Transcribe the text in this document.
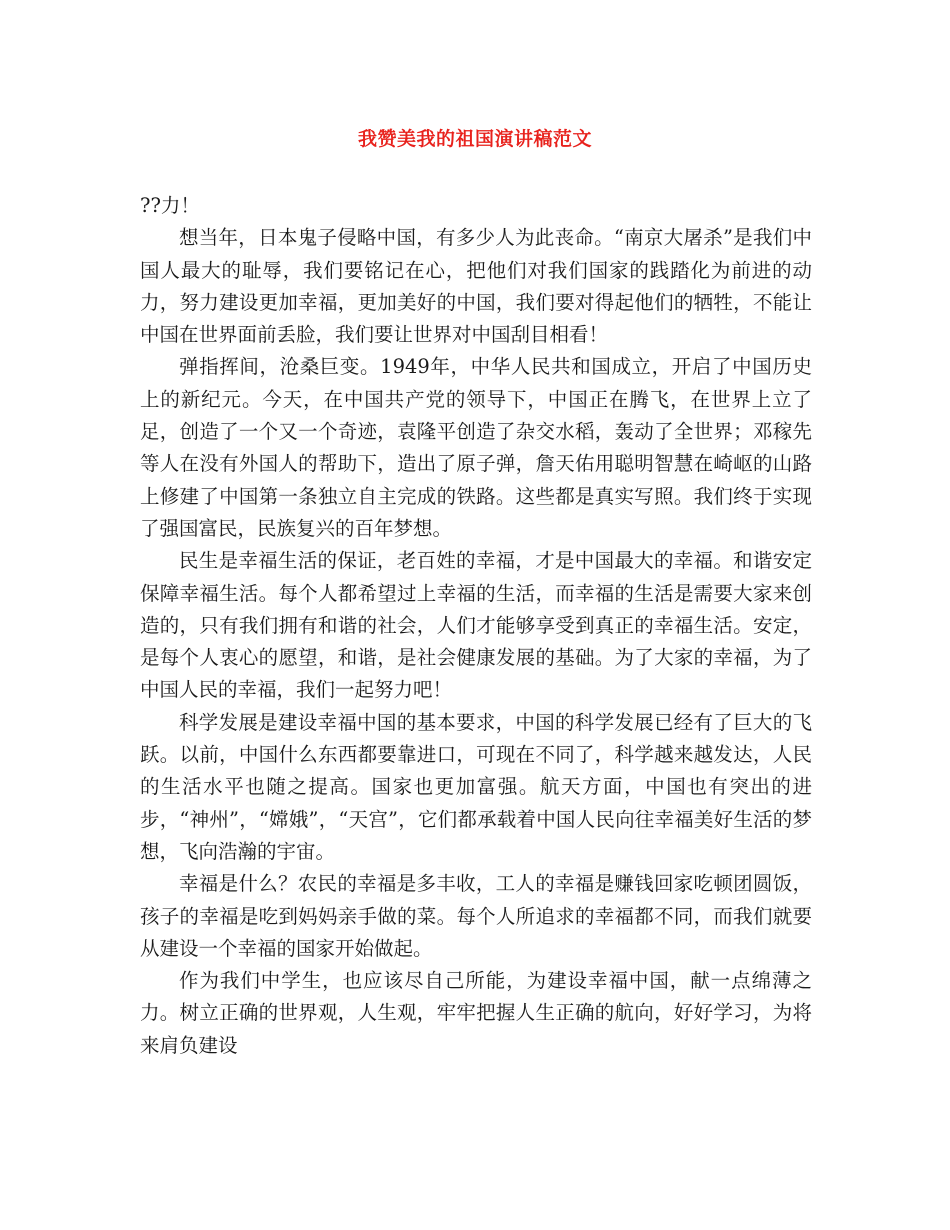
我赞美我的祖国演讲稿范文

??力！

想当年，日本鬼子侵略中国，有多少人为此丧命。“南京大屠杀”是我们中国人最大的耻辱，我们要铭记在心，把他们对我们国家的践踏化为前进的动力，努力建设更加幸福，更加美好的中国，我们要对得起他们的牺牲，不能让中国在世界面前丢脸，我们要让世界对中国刮目相看！

弹指挥间，沧桑巨变。1949年，中华人民共和国成立，开启了中国历史上的新纪元。今天，在中国共产党的领导下，中国正在腾飞，在世界上立了足，创造了一个又一个奇迹，袁隆平创造了杂交水稻，轰动了全世界；邓稼先等人在没有外国人的帮助下，造出了原子弹，詹天佑用聪明智慧在崎岖的山路上修建了中国第一条独立自主完成的铁路。这些都是真实写照。我们终于实现了强国富民，民族复兴的百年梦想。

民生是幸福生活的保证，老百姓的幸福，才是中国最大的幸福。和谐安定保障幸福生活。每个人都希望过上幸福的生活，而幸福的生活是需要大家来创造的，只有我们拥有和谐的社会，人们才能够享受到真正的幸福生活。安定，是每个人衷心的愿望，和谐，是社会健康发展的基础。为了大家的幸福，为了中国人民的幸福，我们一起努力吧！

科学发展是建设幸福中国的基本要求，中国的科学发展已经有了巨大的飞跃。以前，中国什么东西都要靠进口，可现在不同了，科学越来越发达，人民的生活水平也随之提高。国家也更加富强。航天方面，中国也有突出的进步，“神州”，“嫦娥”，“天宫”，它们都承载着中国人民向往幸福美好生活的梦想，飞向浩瀚的宇宙。

幸福是什么？农民的幸福是多丰收，工人的幸福是赚钱回家吃顿团圆饭，孩子的幸福是吃到妈妈亲手做的菜。每个人所追求的幸福都不同，而我们就要从建设一个幸福的国家开始做起。

作为我们中学生，也应该尽自己所能，为建设幸福中国，献一点绵薄之力。树立正确的世界观，人生观，牢牢把握人生正确的航向，好好学习，为将来肩负建设
